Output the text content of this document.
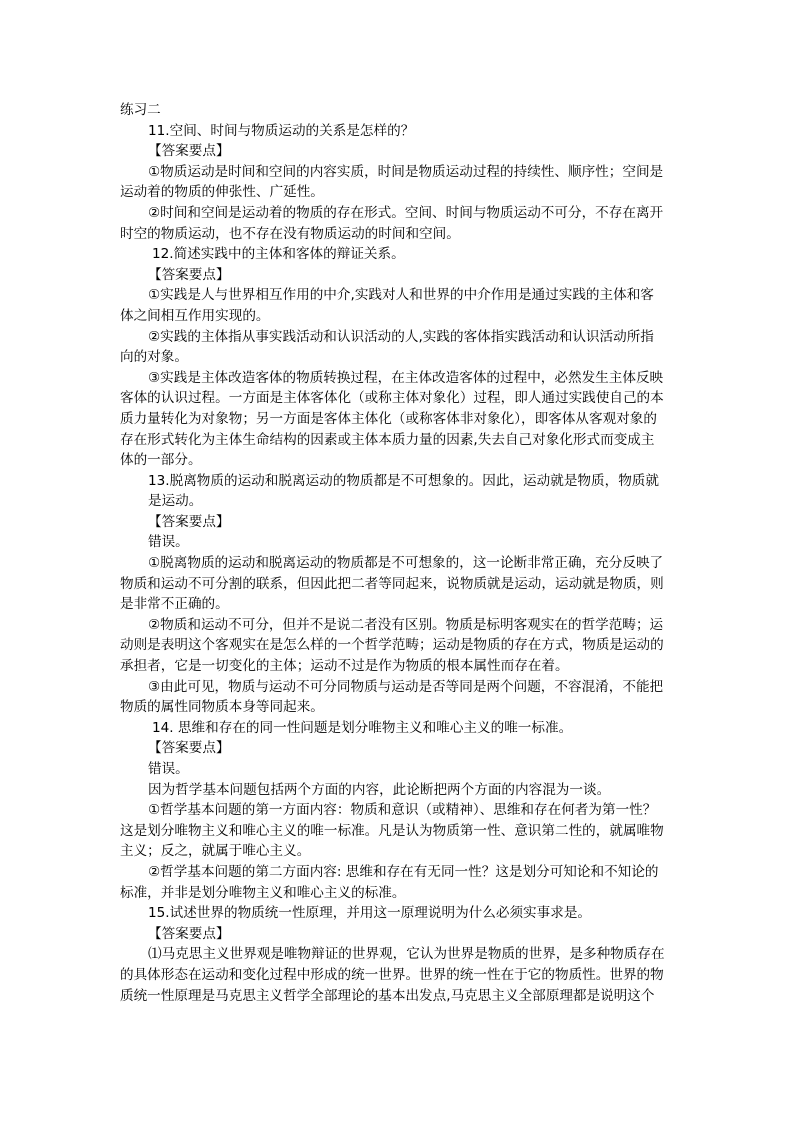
练习二
11.空间、时间与物质运动的关系是怎样的？
【答案要点】
①物质运动是时间和空间的内容实质，时间是物质运动过程的持续性、顺序性；空间是
运动着的物质的伸张性、广延性。
②时间和空间是运动着的物质的存在形式。空间、时间与物质运动不可分，不存在离开
时空的物质运动，也不存在没有物质运动的时间和空间。
12.简述实践中的主体和客体的辩证关系。
【答案要点】
①实践是人与世界相互作用的中介,实践对人和世界的中介作用是通过实践的主体和客
体之间相互作用实现的。
②实践的主体指从事实践活动和认识活动的人,实践的客体指实践活动和认识活动所指
向的对象。
③实践是主体改造客体的物质转换过程，在主体改造客体的过程中，必然发生主体反映
客体的认识过程。一方面是主体客体化（或称主体对象化）过程，即人通过实践使自己的本
质力量转化为对象物；另一方面是客体主体化（或称客体非对象化），即客体从客观对象的
存在形式转化为主体生命结构的因素或主体本质力量的因素,失去自己对象化形式而变成主
体的一部分。
13.脱离物质的运动和脱离运动的物质都是不可想象的。因此，运动就是物质，物质就
是运动。
【答案要点】
错误。
①脱离物质的运动和脱离运动的物质都是不可想象的，这一论断非常正确，充分反映了
物质和运动不可分割的联系，但因此把二者等同起来，说物质就是运动，运动就是物质，则
是非常不正确的。
②物质和运动不可分，但并不是说二者没有区别。物质是标明客观实在的哲学范畴；运
动则是表明这个客观实在是怎么样的一个哲学范畴；运动是物质的存在方式，物质是运动的
承担者，它是一切变化的主体；运动不过是作为物质的根本属性而存在着。
③由此可见，物质与运动不可分同物质与运动是否等同是两个问题，不容混淆，不能把
物质的属性同物质本身等同起来。
14. 思维和存在的同一性问题是划分唯物主义和唯心主义的唯一标准。
【答案要点】
错误。
因为哲学基本问题包括两个方面的内容，此论断把两个方面的内容混为一谈。
①哲学基本问题的第一方面内容：物质和意识（或精神）、思维和存在何者为第一性？
这是划分唯物主义和唯心主义的唯一标准。凡是认为物质第一性、意识第二性的，就属唯物
主义；反之，就属于唯心主义。
②哲学基本问题的第二方面内容: 思维和存在有无同一性？这是划分可知论和不知论的
标准，并非是划分唯物主义和唯心主义的标准。
15.试述世界的物质统一性原理，并用这一原理说明为什么必须实事求是。
【答案要点】
⑴马克思主义世界观是唯物辩证的世界观，它认为世界是物质的世界，是多种物质存在
的具体形态在运动和变化过程中形成的统一世界。世界的统一性在于它的物质性。世界的物
质统一性原理是马克思主义哲学全部理论的基本出发点,马克思主义全部原理都是说明这个
